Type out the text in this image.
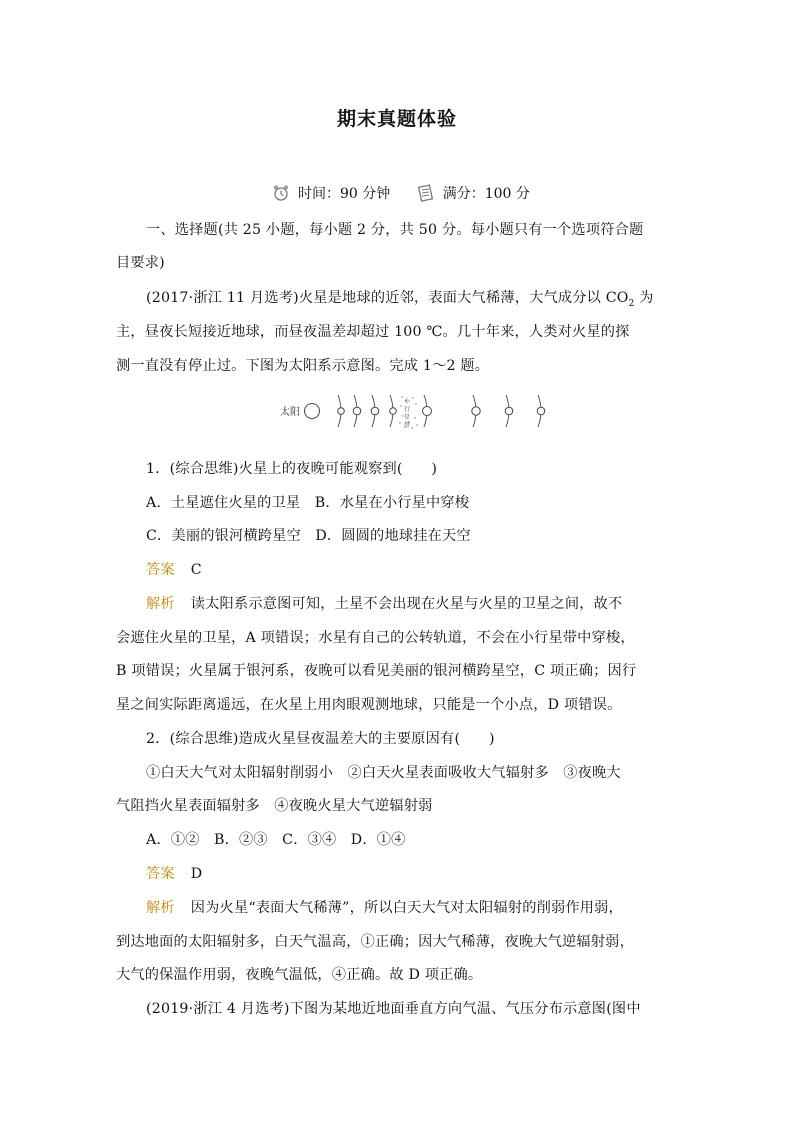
期末真题体验
时间：90 分钟	满分：100 分
一、选择题(共 25 小题，每小题 2 分，共 50 分。每小题只有一个选项符合题
目要求)
(2017·浙江 11 月选考)火星是地球的近邻，表面大气稀薄，大气成分以 $CO_2$ 为
主，昼夜长短接近地球，而昼夜温差却超过 100 ℃。几十年来，人类对火星的探
测一直没有停止过。下图为太阳系示意图。完成 1～2 题。
太阳
小
行
星
带
1．(综合思维)火星上的夜晚可能观察到(　　)
A．土星遮住火星的卫星　B．水星在小行星中穿梭
C．美丽的银河横跨星空　D．圆圆的地球挂在天空
答案 C
解析 读太阳系示意图可知，土星不会出现在火星与火星的卫星之间，故不
会遮住火星的卫星，A 项错误；水星有自己的公转轨道，不会在小行星带中穿梭，
B 项错误；火星属于银河系，夜晚可以看见美丽的银河横跨星空，C 项正确；因行
星之间实际距离遥远，在火星上用肉眼观测地球，只能是一个小点，D 项错误。
2．(综合思维)造成火星昼夜温差大的主要原因有(　　)
①白天大气对太阳辐射削弱小　②白天火星表面吸收大气辐射多　③夜晚大
气阻挡火星表面辐射多　④夜晚火星大气逆辐射弱
A．①②　B．②③　C．③④　D．①④
答案 D
解析 因为火星“表面大气稀薄”，所以白天大气对太阳辐射的削弱作用弱，
到达地面的太阳辐射多，白天气温高，①正确；因大气稀薄，夜晚大气逆辐射弱，
大气的保温作用弱，夜晚气温低，④正确。故 D 项正确。
(2019·浙江 4 月选考)下图为某地近地面垂直方向气温、气压分布示意图(图中
